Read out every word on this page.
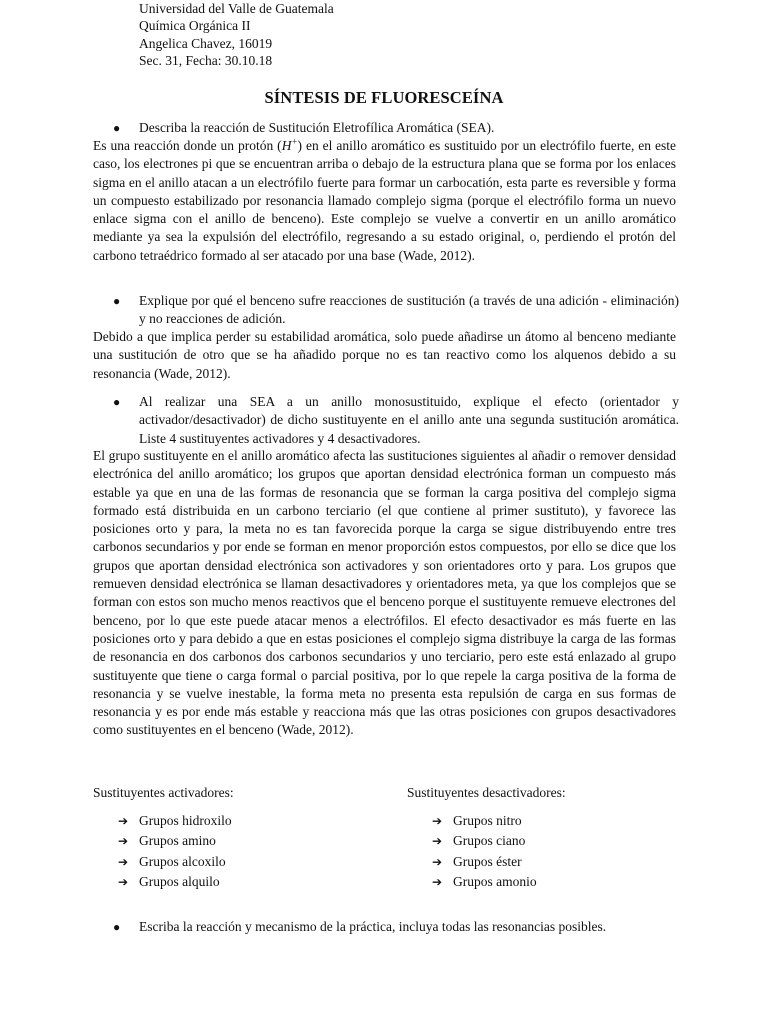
Universidad del Valle de Guatemala
Química Orgánica II
Angelica Chavez, 16019
Sec. 31, Fecha: 30.10.18
SÍNTESIS DE FLUORESCEÍNA
● Describa la reacción de Sustitución Eletrofílica Aromática (SEA).
Es una reacción donde un protón (H+) en el anillo aromático es sustituido por un electrófilo fuerte, en este caso, los electrones pi que se encuentran arriba o debajo de la estructura plana que se forma por los enlaces sigma en el anillo atacan a un electrófilo fuerte para formar un carbocatión, esta parte es reversible y forma un compuesto estabilizado por resonancia llamado complejo sigma (porque el electrófilo forma un nuevo enlace sigma con el anillo de benceno). Este complejo se vuelve a convertir en un anillo aromático mediante ya sea la expulsión del electrófilo, regresando a su estado original, o, perdiendo el protón del carbono tetraédrico formado al ser atacado por una base (Wade, 2012).
● Explique por qué el benceno sufre reacciones de sustitución (a través de una adición - eliminación) y no reacciones de adición.
Debido a que implica perder su estabilidad aromática, solo puede añadirse un átomo al benceno mediante una sustitución de otro que se ha añadido porque no es tan reactivo como los alquenos debido a su resonancia (Wade, 2012).
● Al realizar una SEA a un anillo monosustituido, explique el efecto (orientador y activador/desactivador) de dicho sustituyente en el anillo ante una segunda sustitución aromática. Liste 4 sustituyentes activadores y 4 desactivadores.
El grupo sustituyente en el anillo aromático afecta las sustituciones siguientes al añadir o remover densidad electrónica del anillo aromático; los grupos que aportan densidad electrónica forman un compuesto más estable ya que en una de las formas de resonancia que se forman la carga positiva del complejo sigma formado está distribuida en un carbono terciario (el que contiene al primer sustituto), y favorece las posiciones orto y para, la meta no es tan favorecida porque la carga se sigue distribuyendo entre tres carbonos secundarios y por ende se forman en menor proporción estos compuestos, por ello se dice que los grupos que aportan densidad electrónica son activadores y son orientadores orto y para. Los grupos que remueven densidad electrónica se llaman desactivadores y orientadores meta, ya que los complejos que se forman con estos son mucho menos reactivos que el benceno porque el sustituyente remueve electrones del benceno, por lo que este puede atacar menos a electrófilos. El efecto desactivador es más fuerte en las posiciones orto y para debido a que en estas posiciones el complejo sigma distribuye la carga de las formas de resonancia en dos carbonos dos carbonos secundarios y uno terciario, pero este está enlazado al grupo sustituyente que tiene o carga formal o parcial positiva, por lo que repele la carga positiva de la forma de resonancia y se vuelve inestable, la forma meta no presenta esta repulsión de carga en sus formas de resonancia y es por ende más estable y reacciona más que las otras posiciones con grupos desactivadores como sustituyentes en el benceno (Wade, 2012).
Sustituyentes activadores:	Sustituyentes desactivadores:
➔ Grupos hidroxilo
➔ Grupos amino
➔ Grupos alcoxilo
➔ Grupos alquilo
➔ Grupos nitro
➔ Grupos ciano
➔ Grupos éster
➔ Grupos amonio
● Escriba la reacción y mecanismo de la práctica, incluya todas las resonancias posibles.
